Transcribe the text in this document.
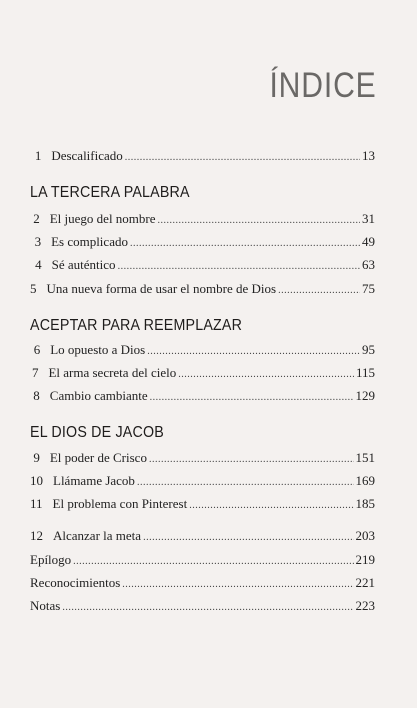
ÍNDICE
1 Descalificado .....	13
LA TERCERA PALABRA
2 El juego del nombre .....	31
3 Es complicado .....	49
4 Sé auténtico .....	63
5 Una nueva forma de usar el nombre de Dios .....	75
ACEPTAR PARA REEMPLAZAR
6 Lo opuesto a Dios .....	95
7 El arma secreta del cielo .....	115
8 Cambio cambiante .....	129
EL DIOS DE JACOB
9 El poder de Crisco .....	151
10 Llámame Jacob .....	169
11 El problema con Pinterest .....	185
12 Alcanzar la meta .....	203
Epílogo .....	219
Reconocimientos .....	221
Notas .....	223
